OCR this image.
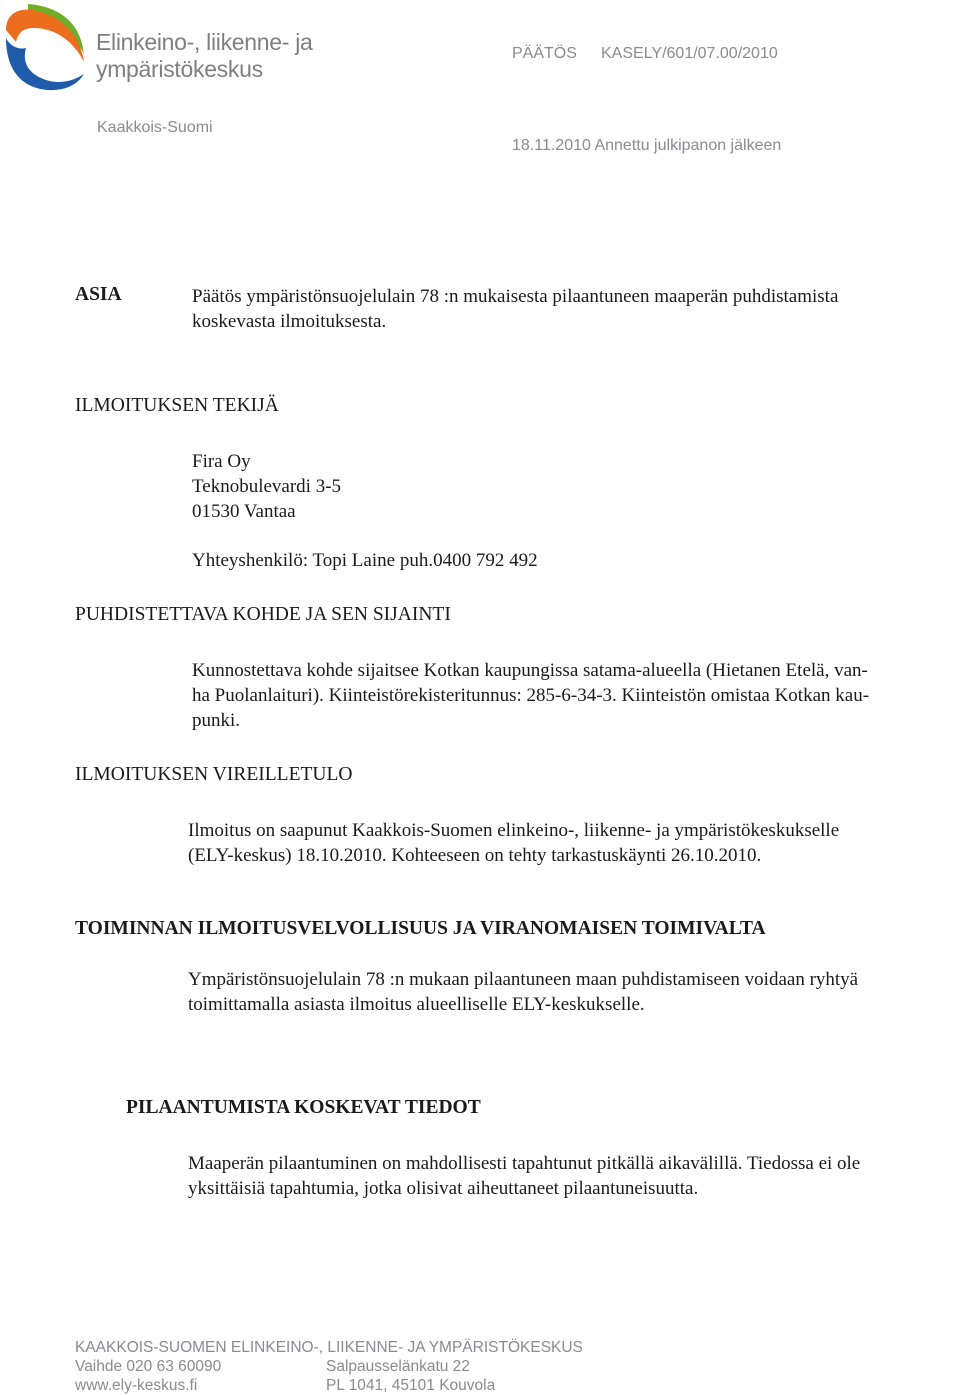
Elinkeino-, liikenne- ja
ympäristökeskus
PÄÄTÖS KASELY/601/07.00/2010
Kaakkois-Suomi
18.11.2010 Annettu julkipanon jälkeen
ASIA	Päätös ympäristönsuojelulain 78 :n mukaisesta pilaantuneen maaperän puhdistamista
koskevasta ilmoituksesta.
ILMOITUKSEN TEKIJÄ
Fira Oy
Teknobulevardi 3-5
01530 Vantaa
Yhteyshenkilö: Topi Laine puh.0400 792 492
PUHDISTETTAVA KOHDE JA SEN SIJAINTI
Kunnostettava kohde sijaitsee Kotkan kaupungissa satama-alueella (Hietanen Etelä, van-
ha Puolanlaituri). Kiinteistörekisteritunnus: 285-6-34-3. Kiinteistön omistaa Kotkan kau-
punki.
ILMOITUKSEN VIREILLETULO
Ilmoitus on saapunut Kaakkois-Suomen elinkeino-, liikenne- ja ympäristökeskukselle
(ELY-keskus) 18.10.2010. Kohteeseen on tehty tarkastuskäynti 26.10.2010.
TOIMINNAN ILMOITUSVELVOLLISUUS JA VIRANOMAISEN TOIMIVALTA
Ympäristönsuojelulain 78 :n mukaan pilaantuneen maan puhdistamiseen voidaan ryhtyä
toimittamalla asiasta ilmoitus alueelliselle ELY-keskukselle.
PILAANTUMISTA KOSKEVAT TIEDOT
Maaperän pilaantuminen on mahdollisesti tapahtunut pitkällä aikavälillä. Tiedossa ei ole
yksittäisiä tapahtumia, jotka olisivat aiheuttaneet pilaantuneisuutta.
KAAKKOIS-SUOMEN ELINKEINO-, LIIKENNE- JA YMPÄRISTÖKESKUS
Vaihde 020 63 60090	Salpausselänkatu 22
www.ely-keskus.fi	PL 1041, 45101 Kouvola
